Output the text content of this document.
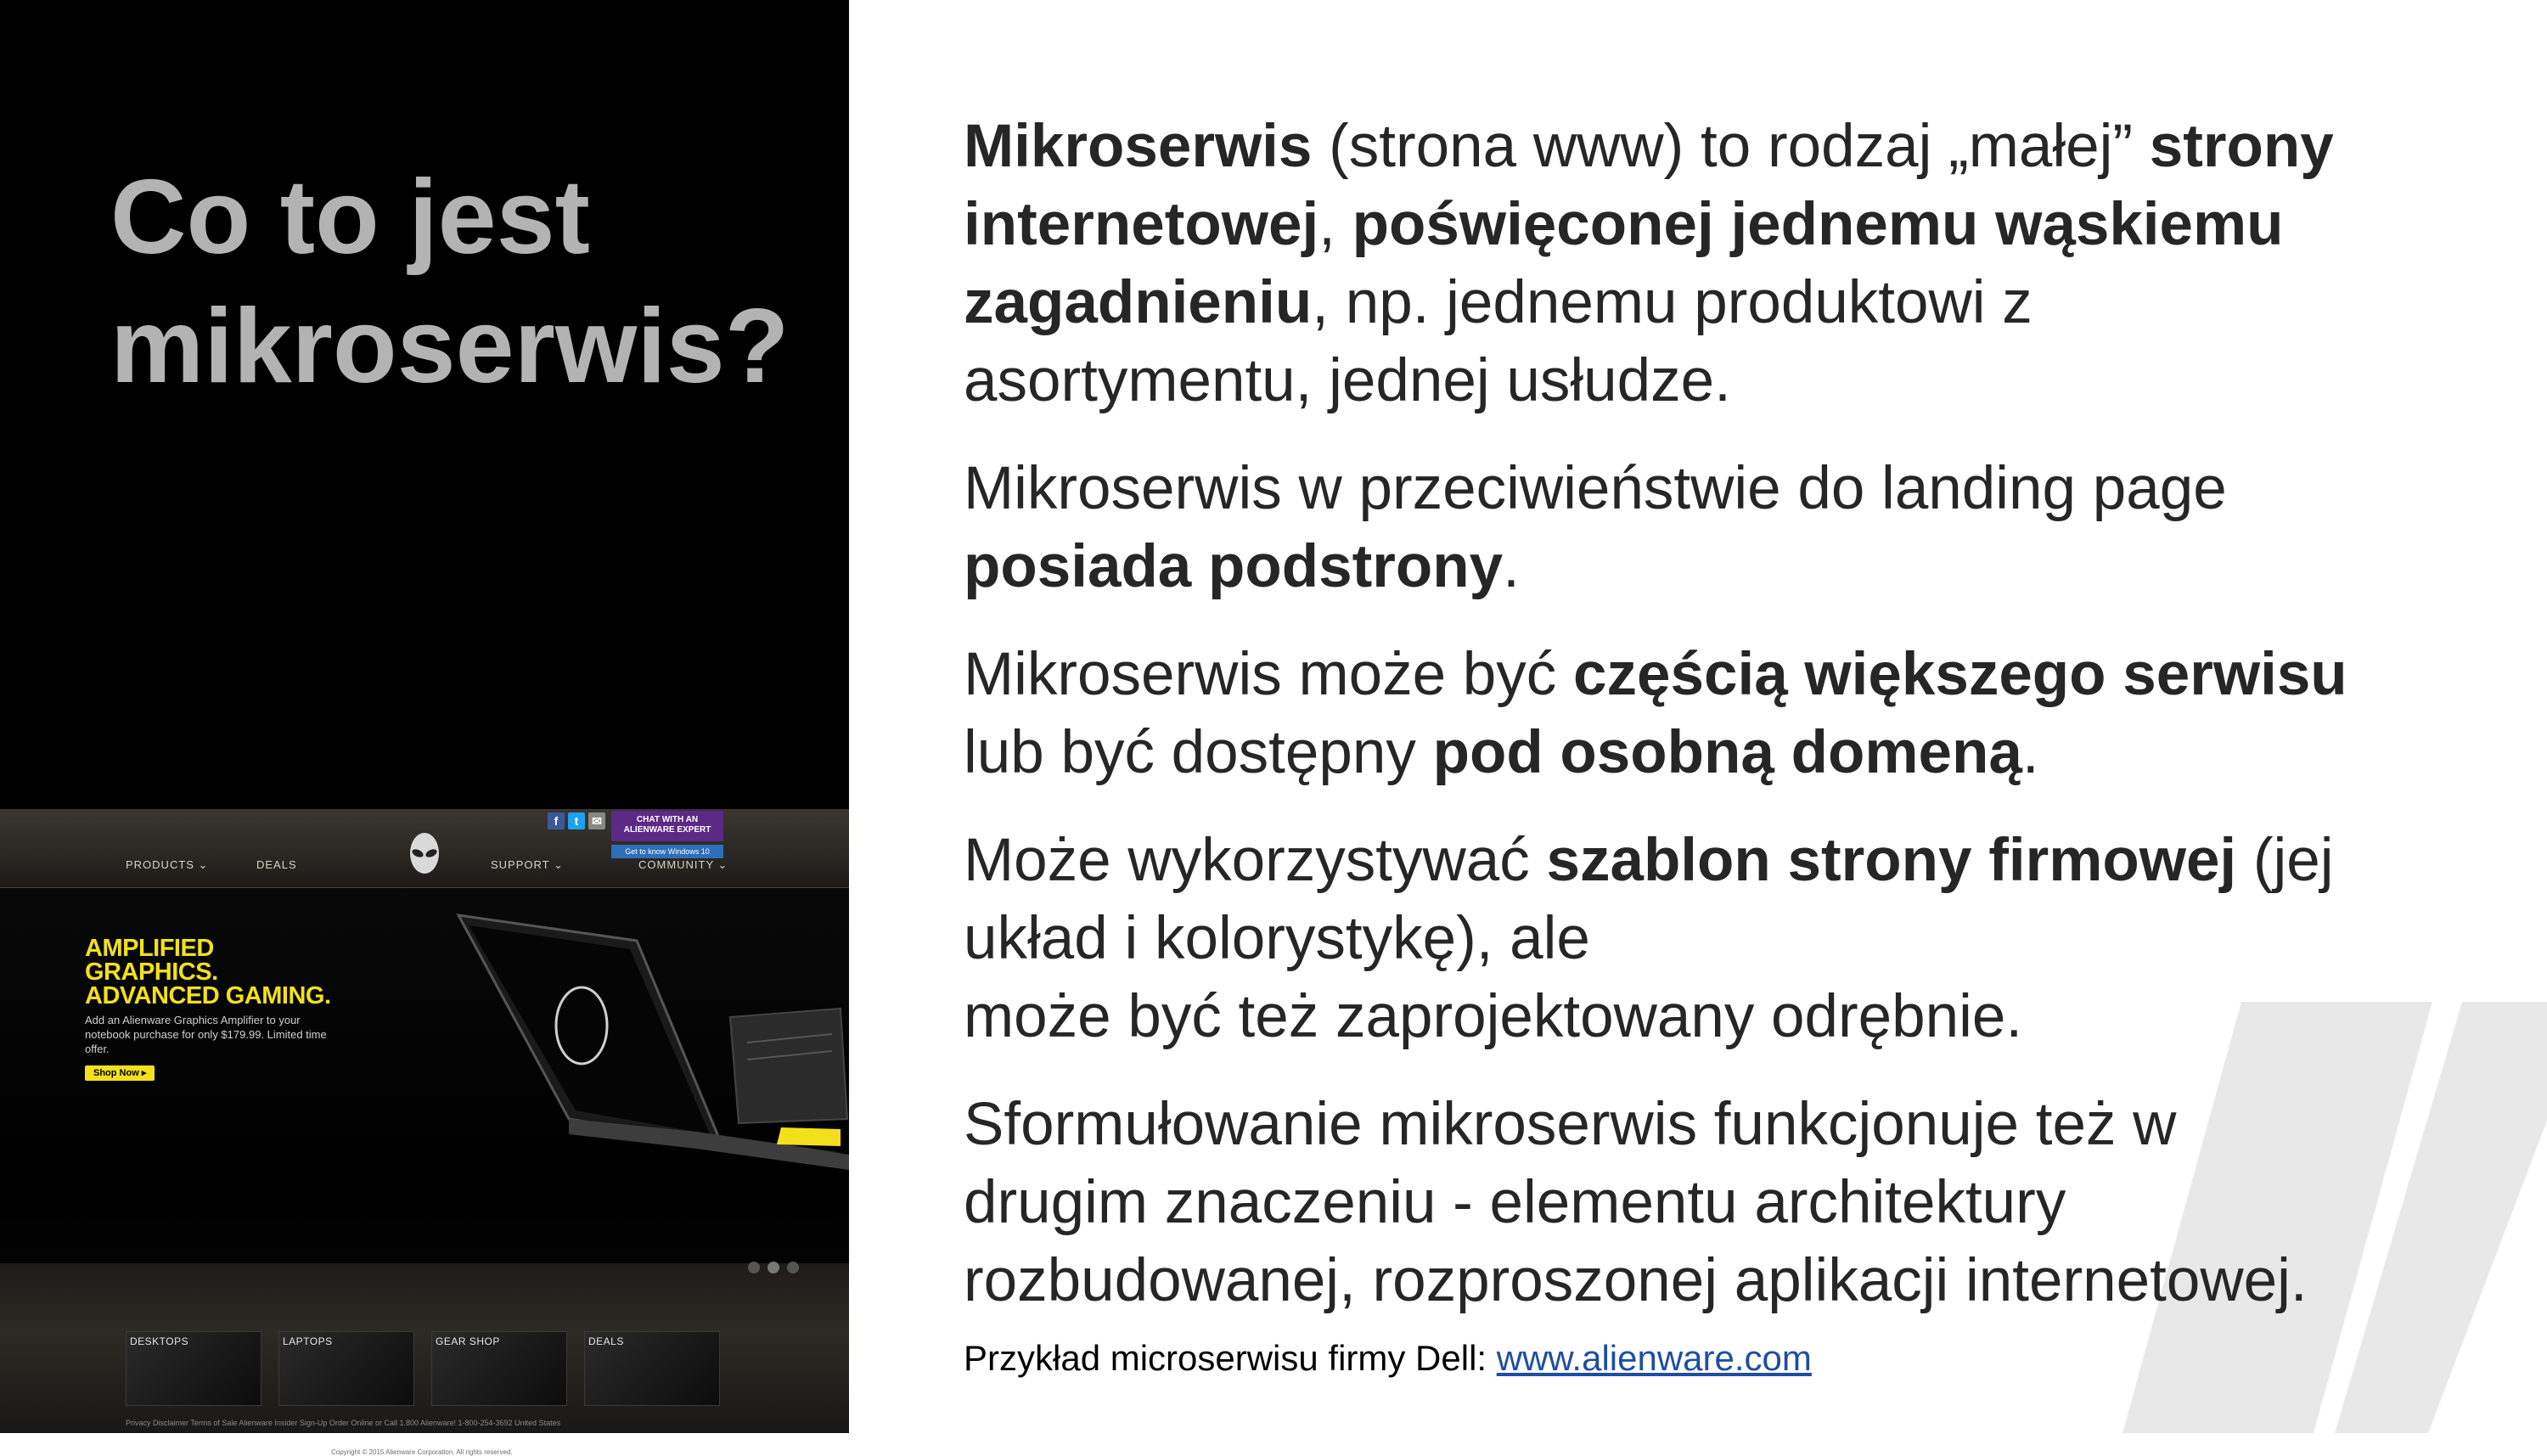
Co to jest
mikroserwis?
PRODUCTS ⌄	DEALS	SUPPORT ⌄	COMMUNITY ⌄
f	t	✉	CHAT WITH AN
ALIENWARE EXPERT
Get to know Windows 10
AMPLIFIED
GRAPHICS.
ADVANCED GAMING.
Add an Alienware Graphics Amplifier to your notebook purchase for only $179.99. Limited time offer.
Shop Now ▸
DESKTOPS	LAPTOPS	GEAR SHOP	DEALS
Privacy Disclaimer Terms of Sale Alienware Insider Sign-Up Order Online or Call 1.800 Alienware! 1-800-254-3692 United States
Copyright © 2015 Alienware Corporation. All rights reserved.
Mikroserwis (strona www) to rodzaj „małej” strony
internetowej, poświęconej jednemu wąskiemu
zagadnieniu, np. jednemu produktowi z
asortymentu, jednej usłudze.
Mikroserwis w przeciwieństwie do landing page
posiada podstrony.
Mikroserwis może być częścią większego serwisu
lub być dostępny pod osobną domeną.
Może wykorzystywać szablon strony firmowej (jej
układ i kolorystykę), ale
może być też zaprojektowany odrębnie.
Sformułowanie mikroserwis funkcjonuje też w
drugim znaczeniu - elementu architektury
rozbudowanej, rozproszonej aplikacji internetowej.
Przykład microserwisu firmy Dell: www.alienware.com
